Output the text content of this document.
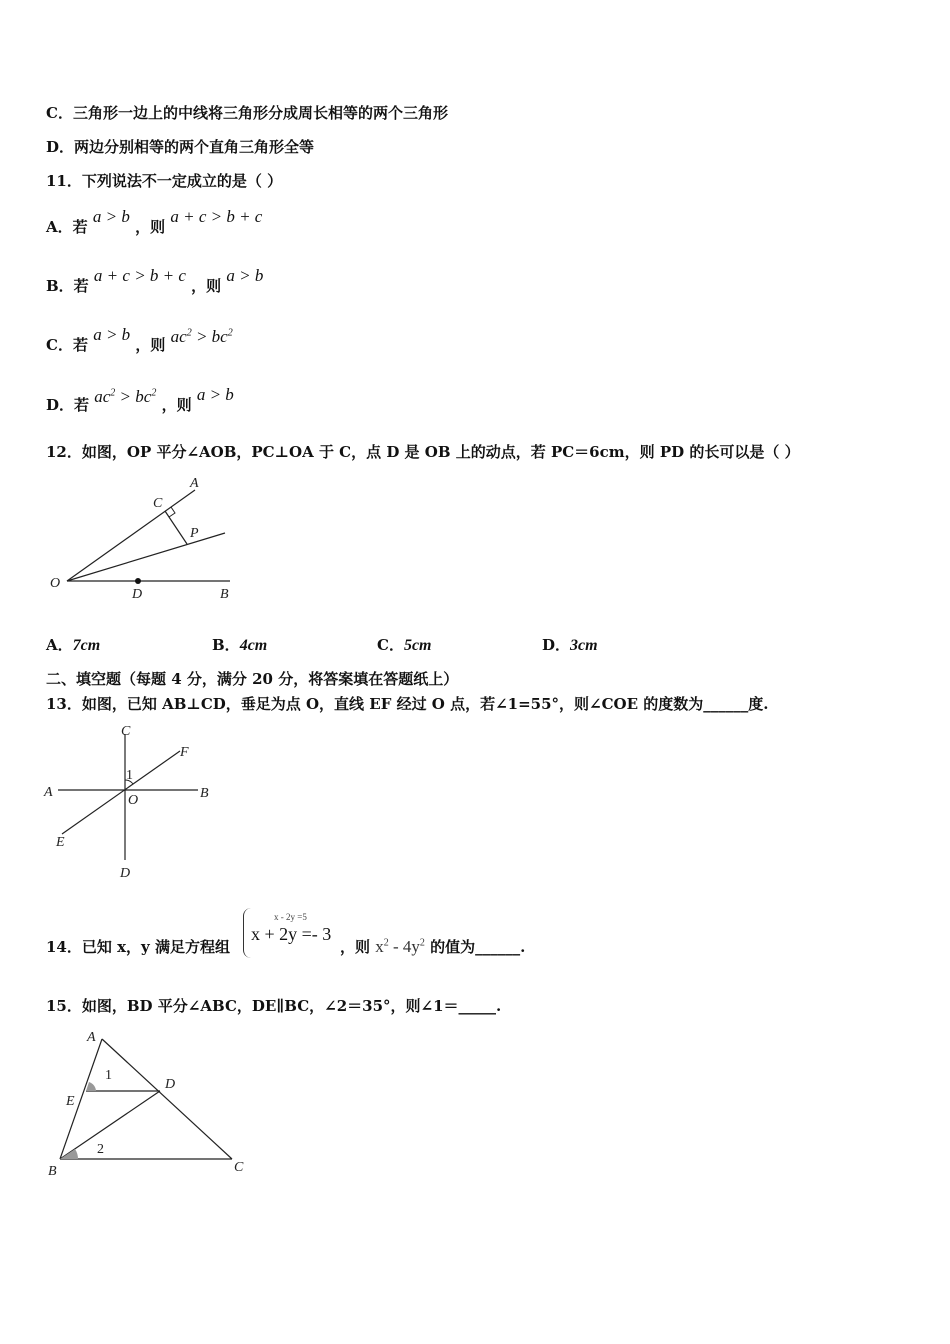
C．三角形一边上的中线将三角形分成周长相等的两个三角形
D．两边分别相等的两个直角三角形全等
11．下列说法不一定成立的是（ ）
A．若 a > b ，则 a + c > b + c
B．若 a + c > b + c ，则 a > b
C．若 a > b ，则 $ac^2 > bc^2$
D．若 $ac^2 > bc^2$ ，则 a > b
12．如图，OP 平分∠AOB，PC⊥OA 于 C，点 D 是 OB 上的动点，若 PC＝6cm，则 PD 的长可以是（ ）
O
A
B
C
P
D
A．7cm	B．4cm	C．5cm	D．3cm
二、填空题（每题 4 分，满分 20 分，将答案填在答题纸上）
13．如图，已知 AB⊥CD，垂足为点 O，直线 EF 经过 O 点，若∠1=55°，则∠COE 的度数为______度.
C
A	B
F
E
D
O
1
14．已知 x，y 满足方程组
x - 2y =5
x + 2y =- 3
，则 $x^2 - 4y^2$ 的值为______.
15．如图，BD 平分∠ABC，DE∥BC，∠2＝35°，则∠1＝_____.
A
E
D
B	C
1
2
